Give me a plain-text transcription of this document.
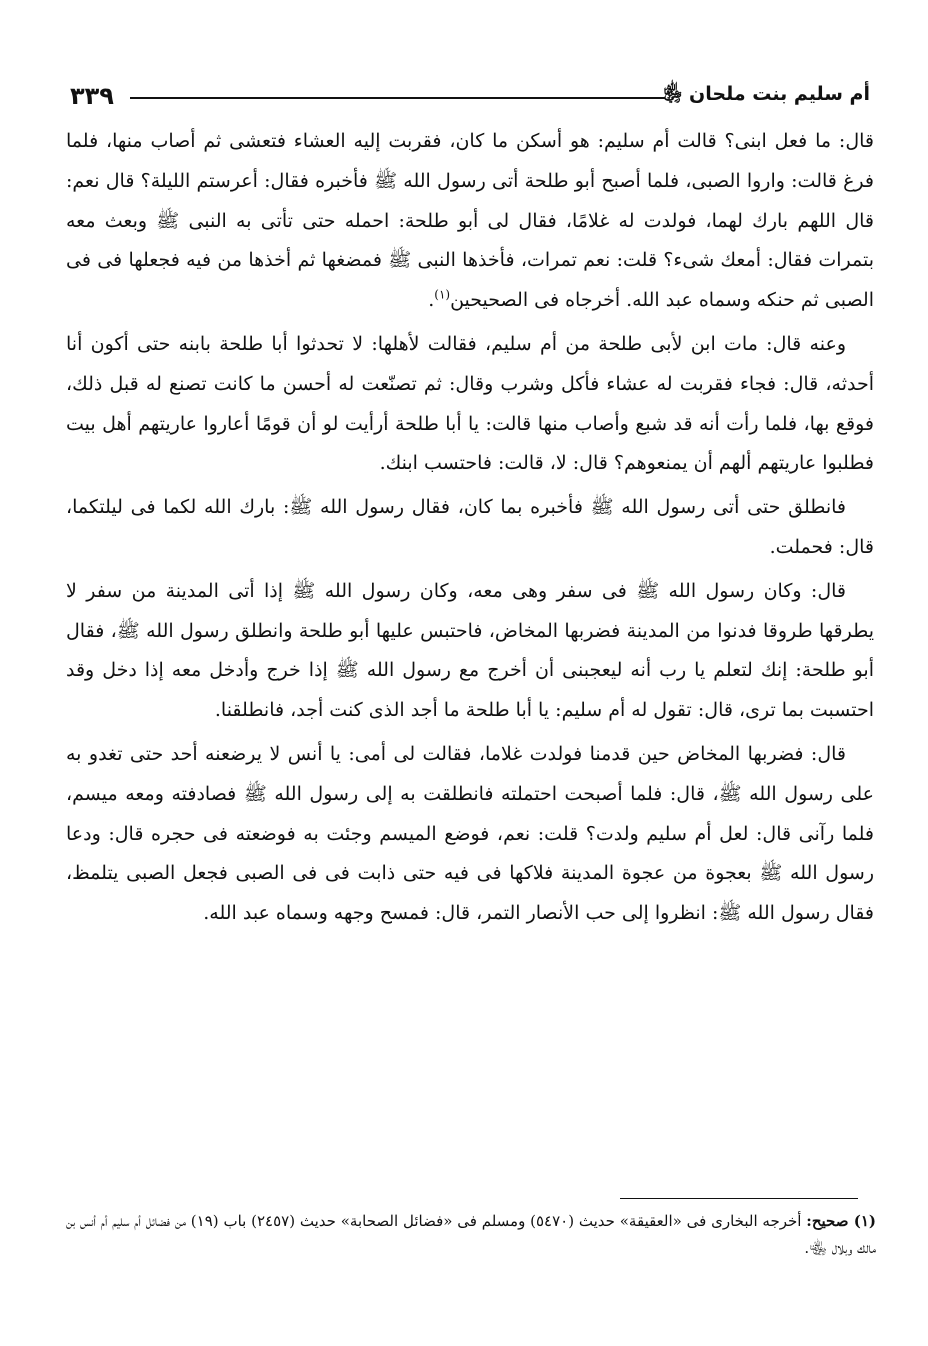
٣٣٩	أم سليم بنت ملحان ﵂

قال: ما فعل ابنى؟ قالت أم سليم: هو أسكن ما كان، فقربت إليه العشاء فتعشى ثم أصاب منها، فلما فرغ قالت: واروا الصبى، فلما أصبح أبو طلحة أتى رسول الله ﷺ فأخبره فقال: أعرستم الليلة؟ قال نعم: قال اللهم بارك لهما، فولدت له غلامًا، فقال لى أبو طلحة: احمله حتى تأتى به النبى ﷺ وبعث معه بتمرات فقال: أمعك شىء؟ قلت: نعم تمرات، فأخذها النبى ﷺ فمضغها ثم أخذها من فيه فجعلها فى فى الصبى ثم حنكه وسماه عبد الله. أخرجاه فى الصحيحين$^{(١)}$.

وعنه قال: مات ابن لأبى طلحة من أم سليم، فقالت لأهلها: لا تحدثوا أبا طلحة بابنه حتى أكون أنا أحدثه، قال: فجاء فقربت له عشاء فأكل وشرب وقال: ثم تصنّعت له أحسن ما كانت تصنع له قبل ذلك، فوقع بها، فلما رأت أنه قد شبع وأصاب منها قالت: يا أبا طلحة أرأيت لو أن قومًا أعاروا عاريتهم أهل بيت فطلبوا عاريتهم ألهم أن يمنعوهم؟ قال: لا، قالت: فاحتسب ابنك.

فانطلق حتى أتى رسول الله ﷺ فأخبره بما كان، فقال رسول الله ﷺ: بارك الله لكما فى ليلتكما، قال: فحملت.

قال: وكان رسول الله ﷺ فى سفر وهى معه، وكان رسول الله ﷺ إذا أتى المدينة من سفر لا يطرقها طروقا فدنوا من المدينة فضربها المخاض، فاحتبس عليها أبو طلحة وانطلق رسول الله ﷺ، فقال أبو طلحة: إنك لتعلم يا رب أنه ليعجبنى أن أخرج مع رسول الله ﷺ إذا خرج وأدخل معه إذا دخل وقد احتسبت بما ترى، قال: تقول له أم سليم: يا أبا طلحة ما أجد الذى كنت أجد، فانطلقنا.

قال: فضربها المخاض حين قدمنا فولدت غلاما، فقالت لى أمى: يا أنس لا يرضعنه أحد حتى تغدو به على رسول الله ﷺ، قال: فلما أصبحت احتملته فانطلقت به إلى رسول الله ﷺ فصادفته ومعه ميسم، فلما رآنى قال: لعل أم سليم ولدت؟ قلت: نعم، فوضع الميسم وجئت به فوضعته فى حجره قال: ودعا رسول الله ﷺ بعجوة من عجوة المدينة فلاكها فى فيه حتى ذابت فى فى الصبى فجعل الصبى يتلمظ، فقال رسول الله ﷺ: انظروا إلى حب الأنصار التمر، قال: فمسح وجهه وسماه عبد الله.

(١) صحيح: أخرجه البخارى فى «العقيقة» حديث (٥٤٧٠) ومسلم فى «فضائل الصحابة» حديث (٢٤٥٧) باب (١٩) من فضائل أم سليم أم أنس بن مالك وبلال ﵄.
